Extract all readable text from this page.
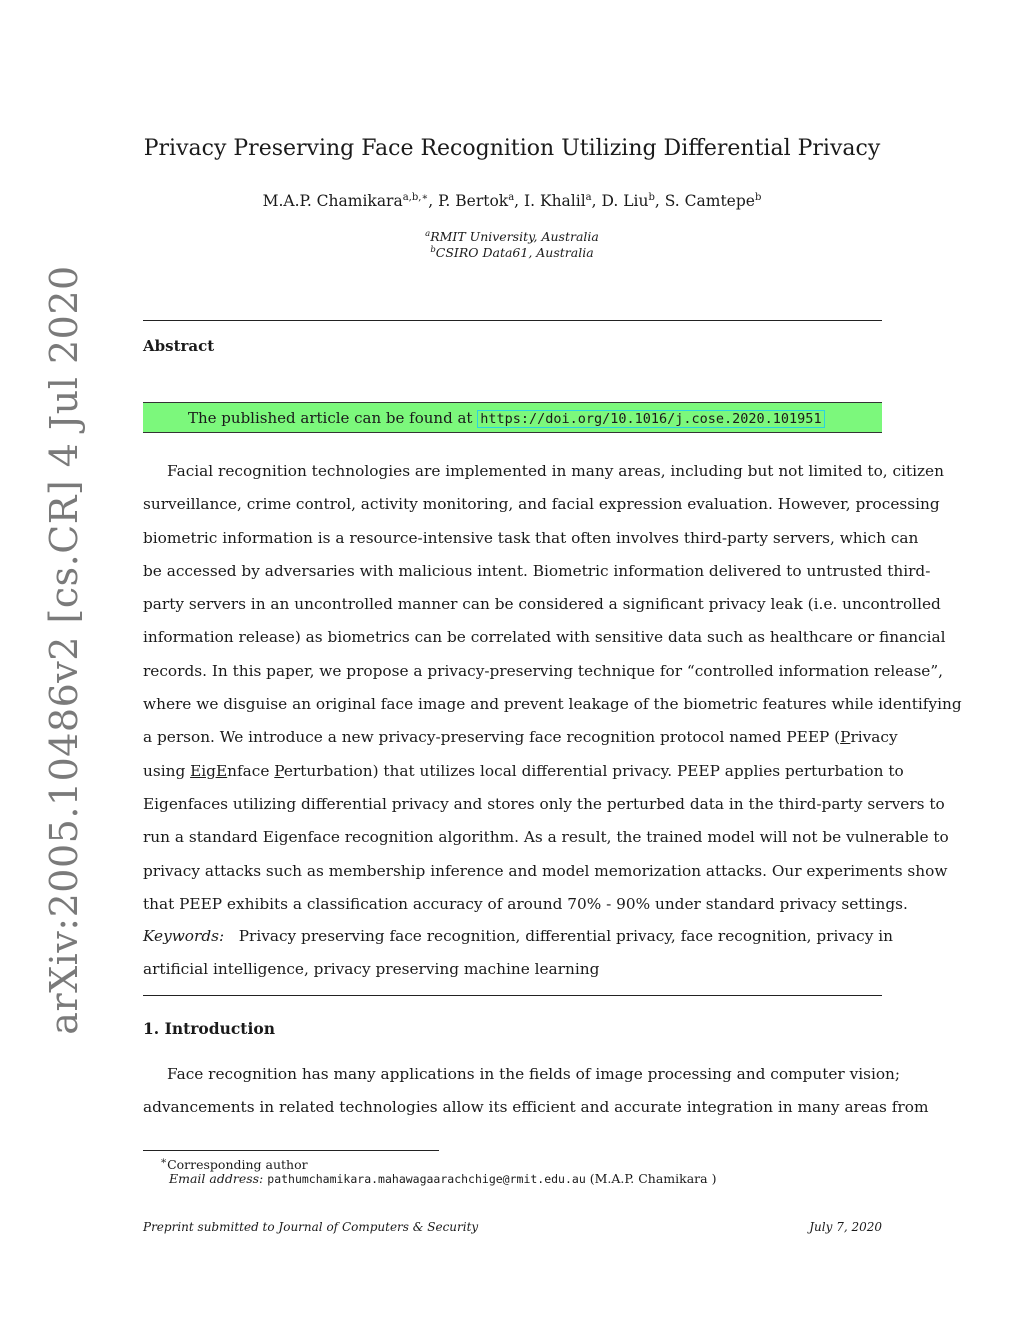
arXiv:2005.10486v2 [cs.CR] 4 Jul 2020
Privacy Preserving Face Recognition Utilizing Differential Privacy
M.A.P. Chamikara$^{a,b,∗}$, P. Bertok$^a$, I. Khalil$^a$, D. Liu$^b$, S. Camtepe$^b$
$^a$RMIT University, Australia
$^b$CSIRO Data61, Australia
Abstract
The published article can be found at https://doi.org/10.1016/j.cose.2020.101951
Facial recognition technologies are implemented in many areas, including but not limited to, citizen
surveillance, crime control, activity monitoring, and facial expression evaluation. However, processing
biometric information is a resource-intensive task that often involves third-party servers, which can
be accessed by adversaries with malicious intent. Biometric information delivered to untrusted third-
party servers in an uncontrolled manner can be considered a significant privacy leak (i.e. uncontrolled
information release) as biometrics can be correlated with sensitive data such as healthcare or financial
records. In this paper, we propose a privacy-preserving technique for “controlled information release”,
where we disguise an original face image and prevent leakage of the biometric features while identifying
a person. We introduce a new privacy-preserving face recognition protocol named PEEP (Privacy
using EigEnface Perturbation) that utilizes local differential privacy. PEEP applies perturbation to
Eigenfaces utilizing differential privacy and stores only the perturbed data in the third-party servers to
run a standard Eigenface recognition algorithm. As a result, the trained model will not be vulnerable to
privacy attacks such as membership inference and model memorization attacks. Our experiments show
that PEEP exhibits a classification accuracy of around 70% - 90% under standard privacy settings.
Keywords: Privacy preserving face recognition, differential privacy, face recognition, privacy in
artificial intelligence, privacy preserving machine learning
1. Introduction
Face recognition has many applications in the fields of image processing and computer vision;
advancements in related technologies allow its efficient and accurate integration in many areas from
∗Corresponding author
Email address: pathumchamikara.mahawagaarachchige@rmit.edu.au (M.A.P. Chamikara )
Preprint submitted to Journal of Computers & Security	July 7, 2020
